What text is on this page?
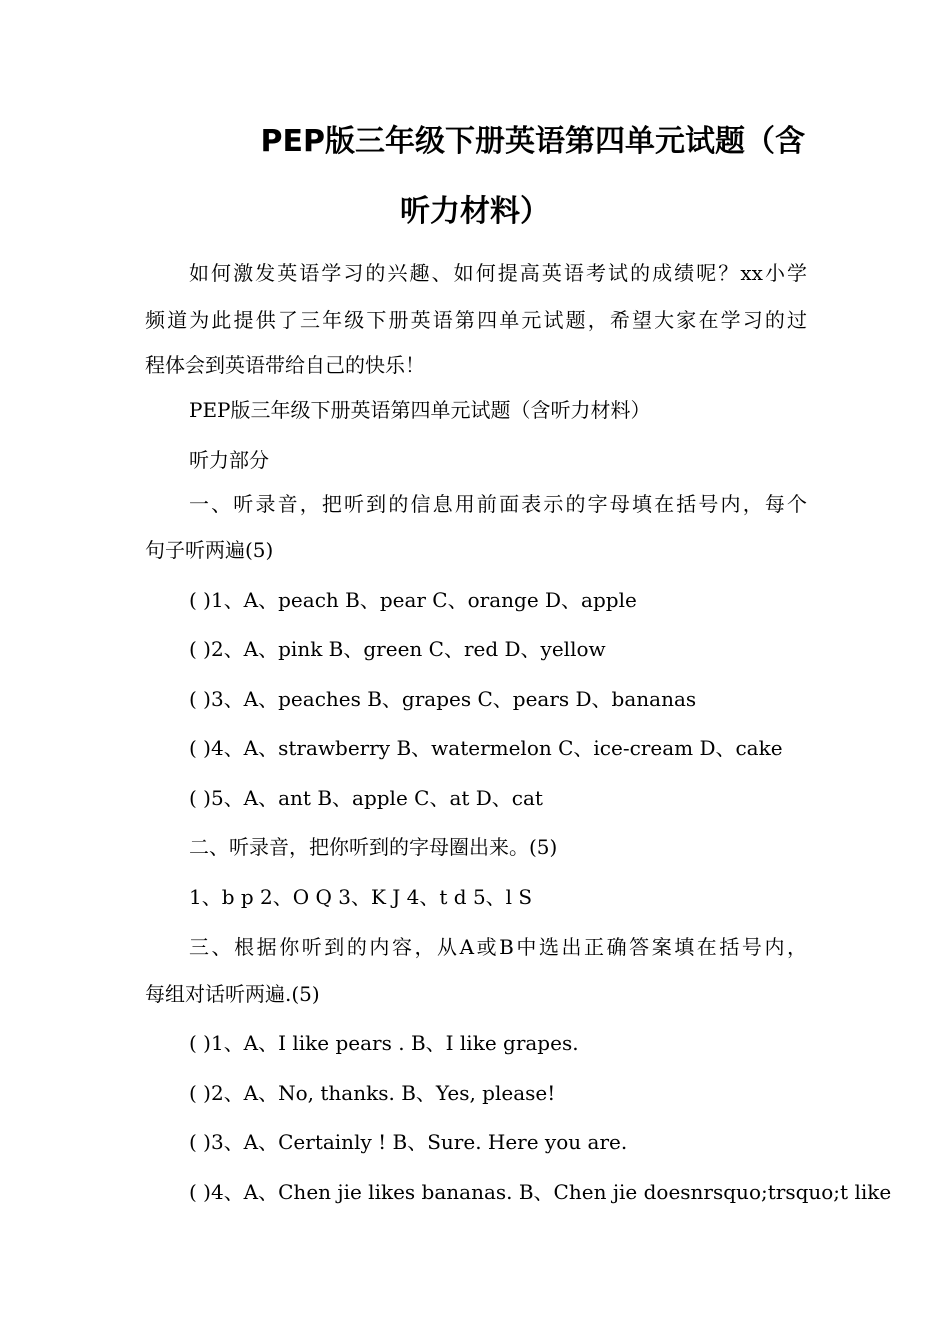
PEP版三年级下册英语第四单元试题（含
听力材料）
如何激发英语学习的兴趣、如何提高英语考试的成绩呢？xx小学
频道为此提供了三年级下册英语第四单元试题，希望大家在学习的过
程体会到英语带给自己的快乐！
PEP版三年级下册英语第四单元试题（含听力材料）
听力部分
一、听录音，把听到的信息用前面表示的字母填在括号内，每个
句子听两遍(5)
( )1、A、peach B、pear C、orange D、apple
( )2、A、pink B、green C、red D、yellow
( )3、A、peaches B、grapes C、pears D、bananas
( )4、A、strawberry B、watermelon C、ice-cream D、cake
( )5、A、ant B、apple C、at D、cat
二、听录音，把你听到的字母圈出来。(5)
1、b p 2、O Q 3、K J 4、t d 5、l S
三、根据你听到的内容，从A或B中选出正确答案填在括号内，
每组对话听两遍.(5)
( )1、A、I like pears . B、I like grapes.
( )2、A、No, thanks. B、Yes, please!
( )3、A、Certainly ! B、Sure. Here you are.
( )4、A、Chen jie likes bananas. B、Chen jie doesnrsquo;trsquo;t like
